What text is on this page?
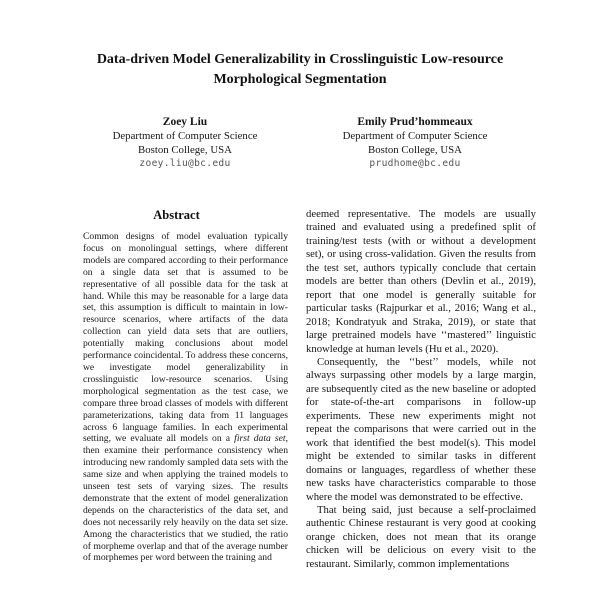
Data-driven Model Generalizability in Crosslinguistic Low-resource Morphological Segmentation
Zoey Liu
Department of Computer Science
Boston College, USA
zoey.liu@bc.edu
Emily Prud’hommeaux
Department of Computer Science
Boston College, USA
prudhome@bc.edu
Abstract

Common designs of model evaluation typically focus on monolingual settings, where different models are compared according to their performance on a single data set that is assumed to be representative of all possible data for the task at hand. While this may be reasonable for a large data set, this assumption is difficult to maintain in low-resource scenarios, where artifacts of the data collection can yield data sets that are outliers, potentially making conclusions about model performance coincidental. To address these concerns, we investigate model generalizability in crosslinguistic low-resource scenarios. Using morphological segmentation as the test case, we compare three broad classes of models with different parameterizations, taking data from 11 languages across 6 language families. In each experimental setting, we evaluate all models on a first data set, then examine their performance consistency when introducing new randomly sampled data sets with the same size and when applying the trained models to unseen test sets of varying sizes. The results demonstrate that the extent of model generalization depends on the characteristics of the data set, and does not necessarily rely heavily on the data set size. Among the characteristics that we studied, the ratio of morpheme overlap and that of the average number of morphemes per word between the training and

deemed representative. The models are usually trained and evaluated using a predefined split of training/test tests (with or without a development set), or using cross-validation. Given the results from the test set, authors typically conclude that certain models are better than others (Devlin et al., 2019), report that one model is generally suitable for particular tasks (Rajpurkar et al., 2016; Wang et al., 2018; Kondratyuk and Straka, 2019), or state that large pretrained models have ‘‘mastered’’ linguistic knowledge at human levels (Hu et al., 2020).

Consequently, the ‘‘best’’ models, while not always surpassing other models by a large margin, are subsequently cited as the new baseline or adopted for state-of-the-art comparisons in follow-up experiments. These new experiments might not repeat the comparisons that were carried out in the work that identified the best model(s). This model might be extended to similar tasks in different domains or languages, regardless of whether these new tasks have characteristics comparable to those where the model was demonstrated to be effective.

That being said, just because a self-proclaimed authentic Chinese restaurant is very good at cooking orange chicken, does not mean that its orange chicken will be delicious on every visit to the restaurant. Similarly, common implementations
